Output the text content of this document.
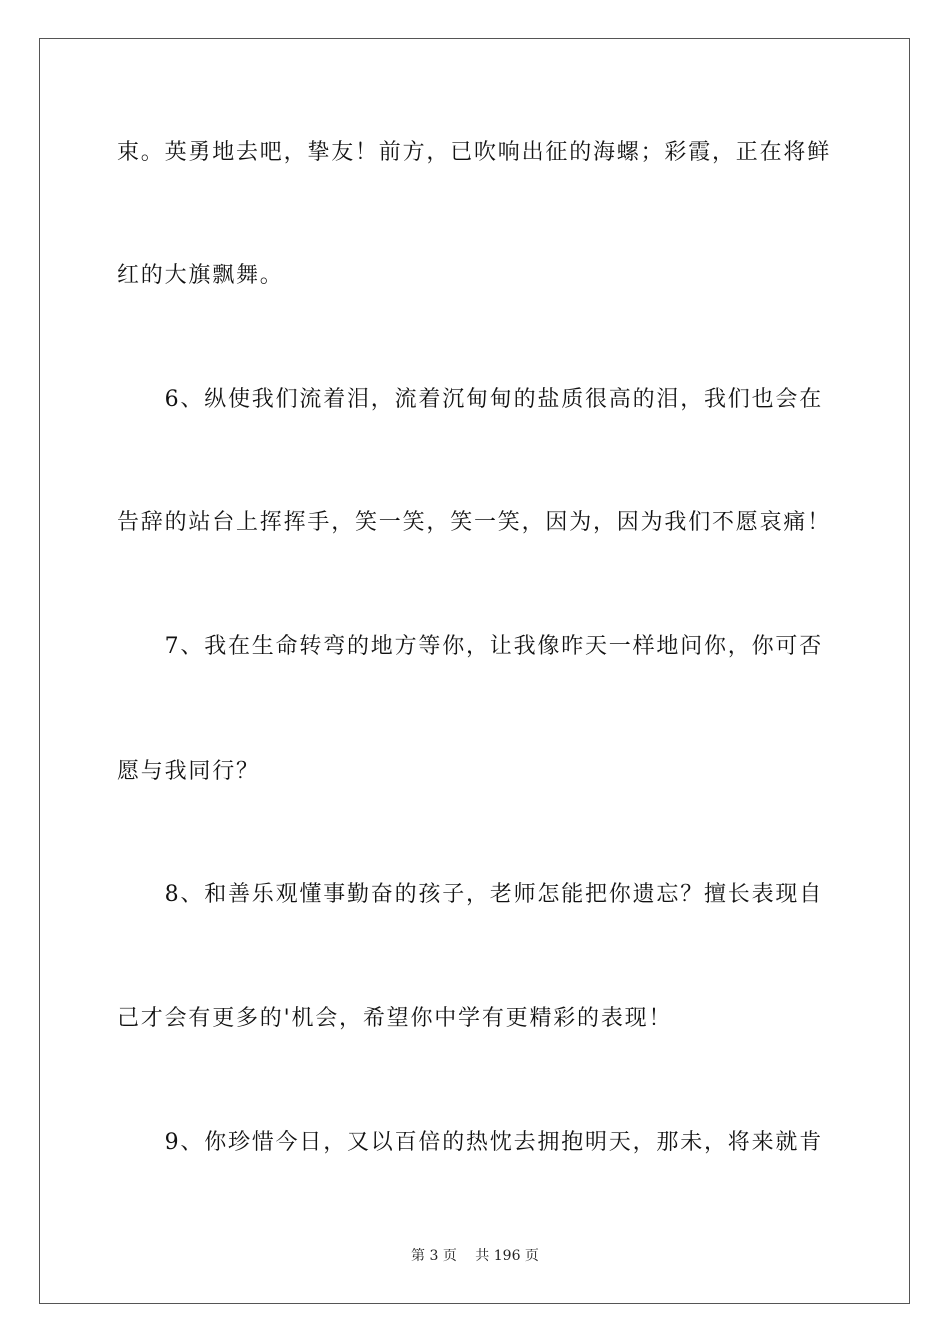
束。英勇地去吧，挚友！前方，已吹响出征的海螺；彩霞，正在将鲜
红的大旗飘舞。
　　6、纵使我们流着泪，流着沉甸甸的盐质很高的泪，我们也会在
告辞的站台上挥挥手，笑一笑，笑一笑，因为，因为我们不愿哀痛！
　　7、我在生命转弯的地方等你，让我像昨天一样地问你，你可否
愿与我同行？
　　8、和善乐观懂事勤奋的孩子，老师怎能把你遗忘？擅长表现自
己才会有更多的'机会，希望你中学有更精彩的表现！
　　9、你珍惜今日，又以百倍的热忱去拥抱明天，那未，将来就肯
第 3 页　 共 196 页
